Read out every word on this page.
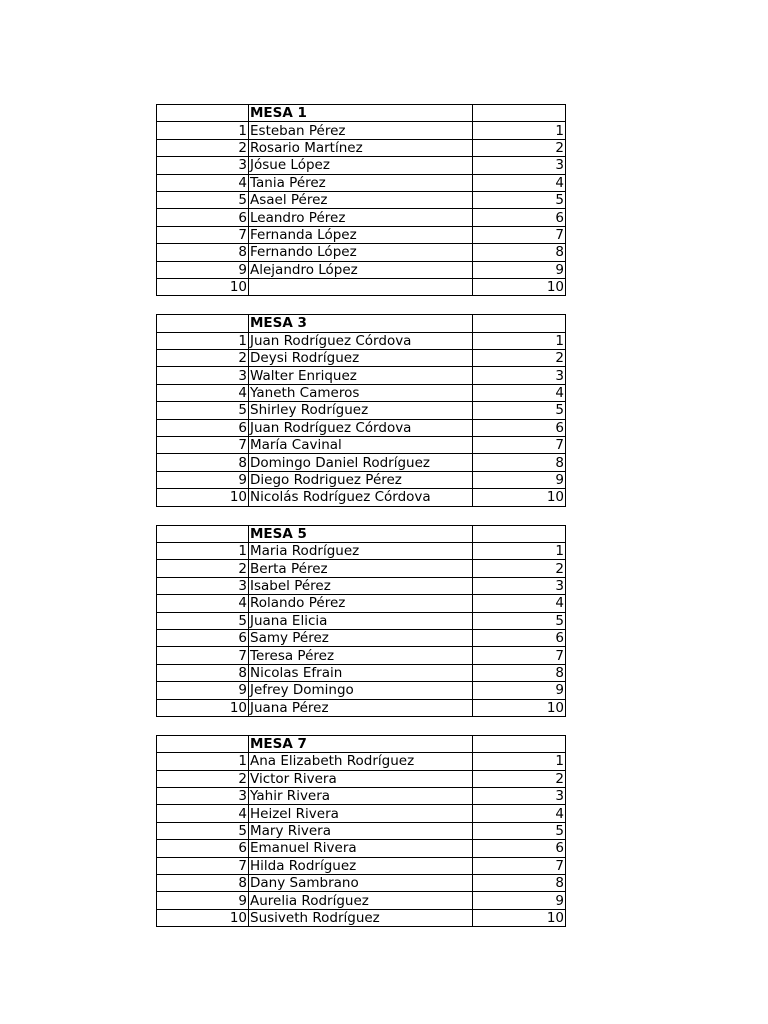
	MESA 1	
1	Esteban Pérez	1
2	Rosario Martínez	2
3	Jósue López	3
4	Tania Pérez	4
5	Asael Pérez	5
6	Leandro Pérez	6
7	Fernanda López	7
8	Fernando López	8
9	Alejandro López	9
10		10
	MESA 3	
1	Juan Rodríguez Córdova	1
2	Deysi Rodríguez	2
3	Walter Enriquez	3
4	Yaneth Cameros	4
5	Shirley Rodríguez	5
6	Juan Rodríguez Córdova	6
7	María Cavinal	7
8	Domingo Daniel Rodríguez	8
9	Diego Rodriguez Pérez	9
10	Nicolás Rodríguez Córdova	10
	MESA 5	
1	Maria Rodríguez	1
2	Berta Pérez	2
3	Isabel Pérez	3
4	Rolando Pérez	4
5	Juana Elicia	5
6	Samy Pérez	6
7	Teresa Pérez	7
8	Nicolas Efrain	8
9	Jefrey Domingo	9
10	Juana Pérez	10
	MESA 7	
1	Ana Elizabeth Rodríguez	1
2	Victor Rivera	2
3	Yahir Rivera	3
4	Heizel Rivera	4
5	Mary Rivera	5
6	Emanuel Rivera	6
7	Hilda Rodríguez	7
8	Dany Sambrano	8
9	Aurelia Rodríguez	9
10	Susiveth Rodríguez	10
